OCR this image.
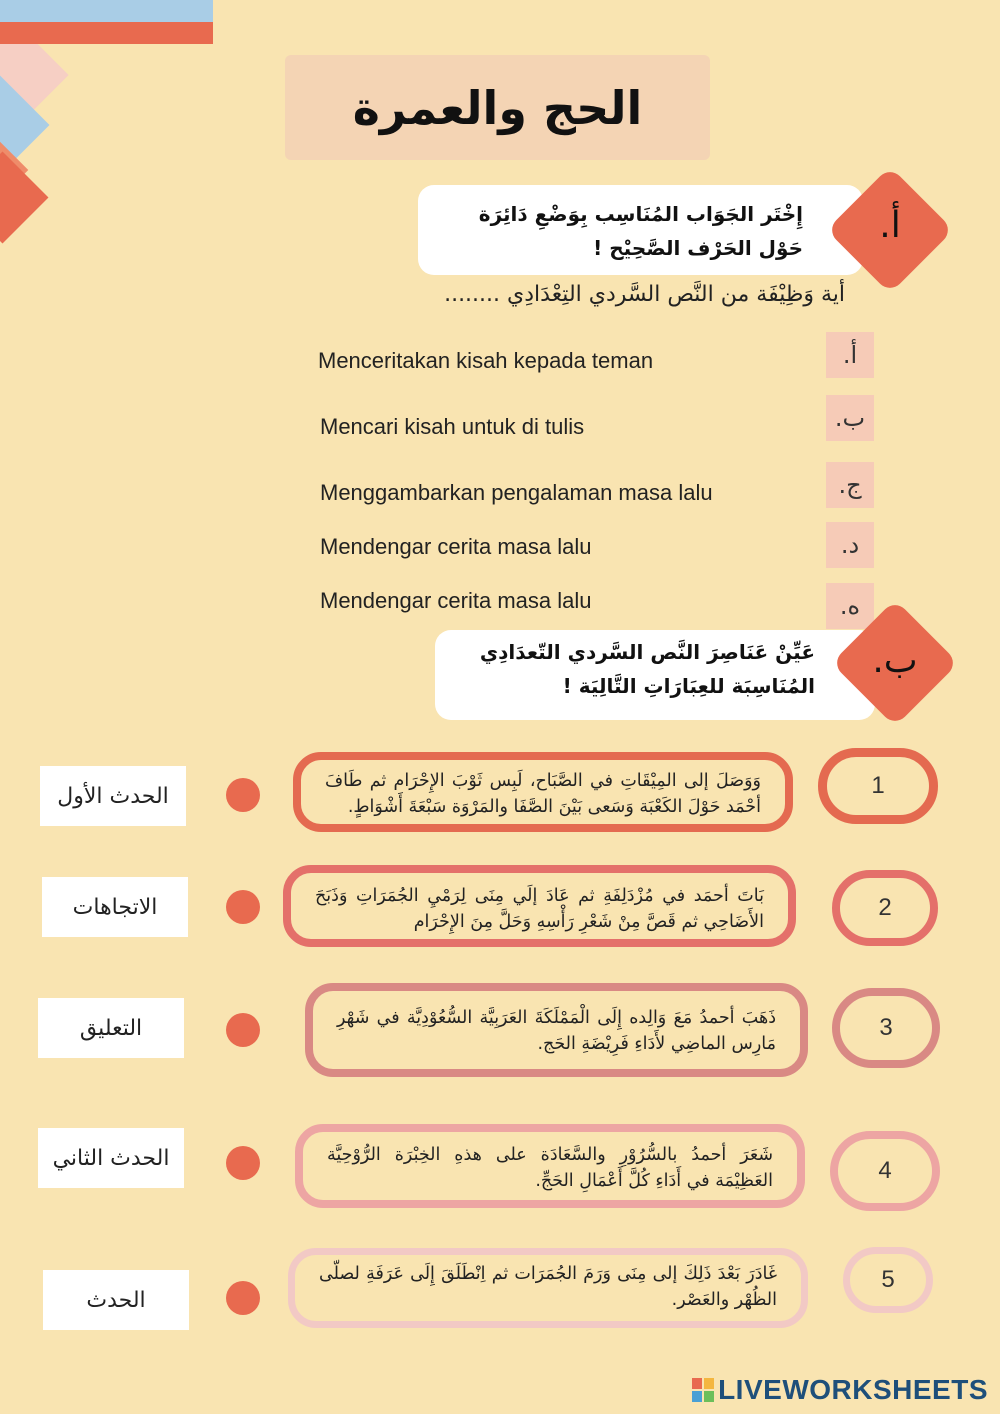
الحج والعمرة
إِخْتَر الجَوَاب المُنَاسِب بِوَضْعِ دَائِرَة حَوْل الحَرْف الصَّحِيْح !
أ.
أية وَظِيْفَة من النَّص السَّردي التِعْدَادِي ........
أ.
Menceritakan kisah kepada teman
ب.
Mencari kisah untuk di tulis
ج.
Menggambarkan pengalaman masa lalu
د.
Mendengar cerita masa lalu
ه.
Mendengar cerita masa lalu
عَيِّنْ عَنَاصِرَ النَّص السَّردي التّعدَادِي المُنَاسِبَة للعِبَارَاتِ التَّالِيَة !
ب.
1
وَوَصَلَ إلى المِيْقَاتِ في الصَّبَاح، لَبِس ثَوْبَ الإِحْرَام ثم طَافَ أحْمَد حَوْلَ الكَعْبَة وَسَعى بَيْنَ الصَّفَا والمَرْوَة سَبْعَةَ أَشْوَاطٍ.
الحدث الأول
2
بَاتَ أحمَد في مُزْدَلِفَةِ ثم عَادَ إلَي مِنَى لِرَمْيِ الجُمَرَاتِ وَذَبَحَ الأَضَاحِي ثم قَصَّ مِنْ شَعْرِ رَأْسِهِ وَحَلَّ مِنَ الإِحْرَام
الاتجاهات
3
ذَهَبَ أحمدُ مَعَ وَالِده إِلَى الْمَمْلَكَةَ العَرَبِيَّة السُّعُوْدِيَّة في شَهْرِ مَارِس الماضِي لأَدَاءِ فَرِيْضَةِ الحَج.
التعليق
4
شَعَرَ أحمدُ بالسُّرُوْرِ والسَّعَادَة على هذهِ الخِبْرَة الرُّوْحِيَّة العَظِيْمَة في أَدَاءِ كُلَّ أَعْمَالِ الحَجِّ.
الحدث الثاني
5
غَادَرَ بَعْدَ ذَلِكَ إلى مِنَى وَرَمَ الجُمَرَات ثم اِنْطَلَقَ إِلَى عَرَفَةِ لصلّى الظُهْر والعَصْر.
الحدث
LIVEWORKSHEETS
